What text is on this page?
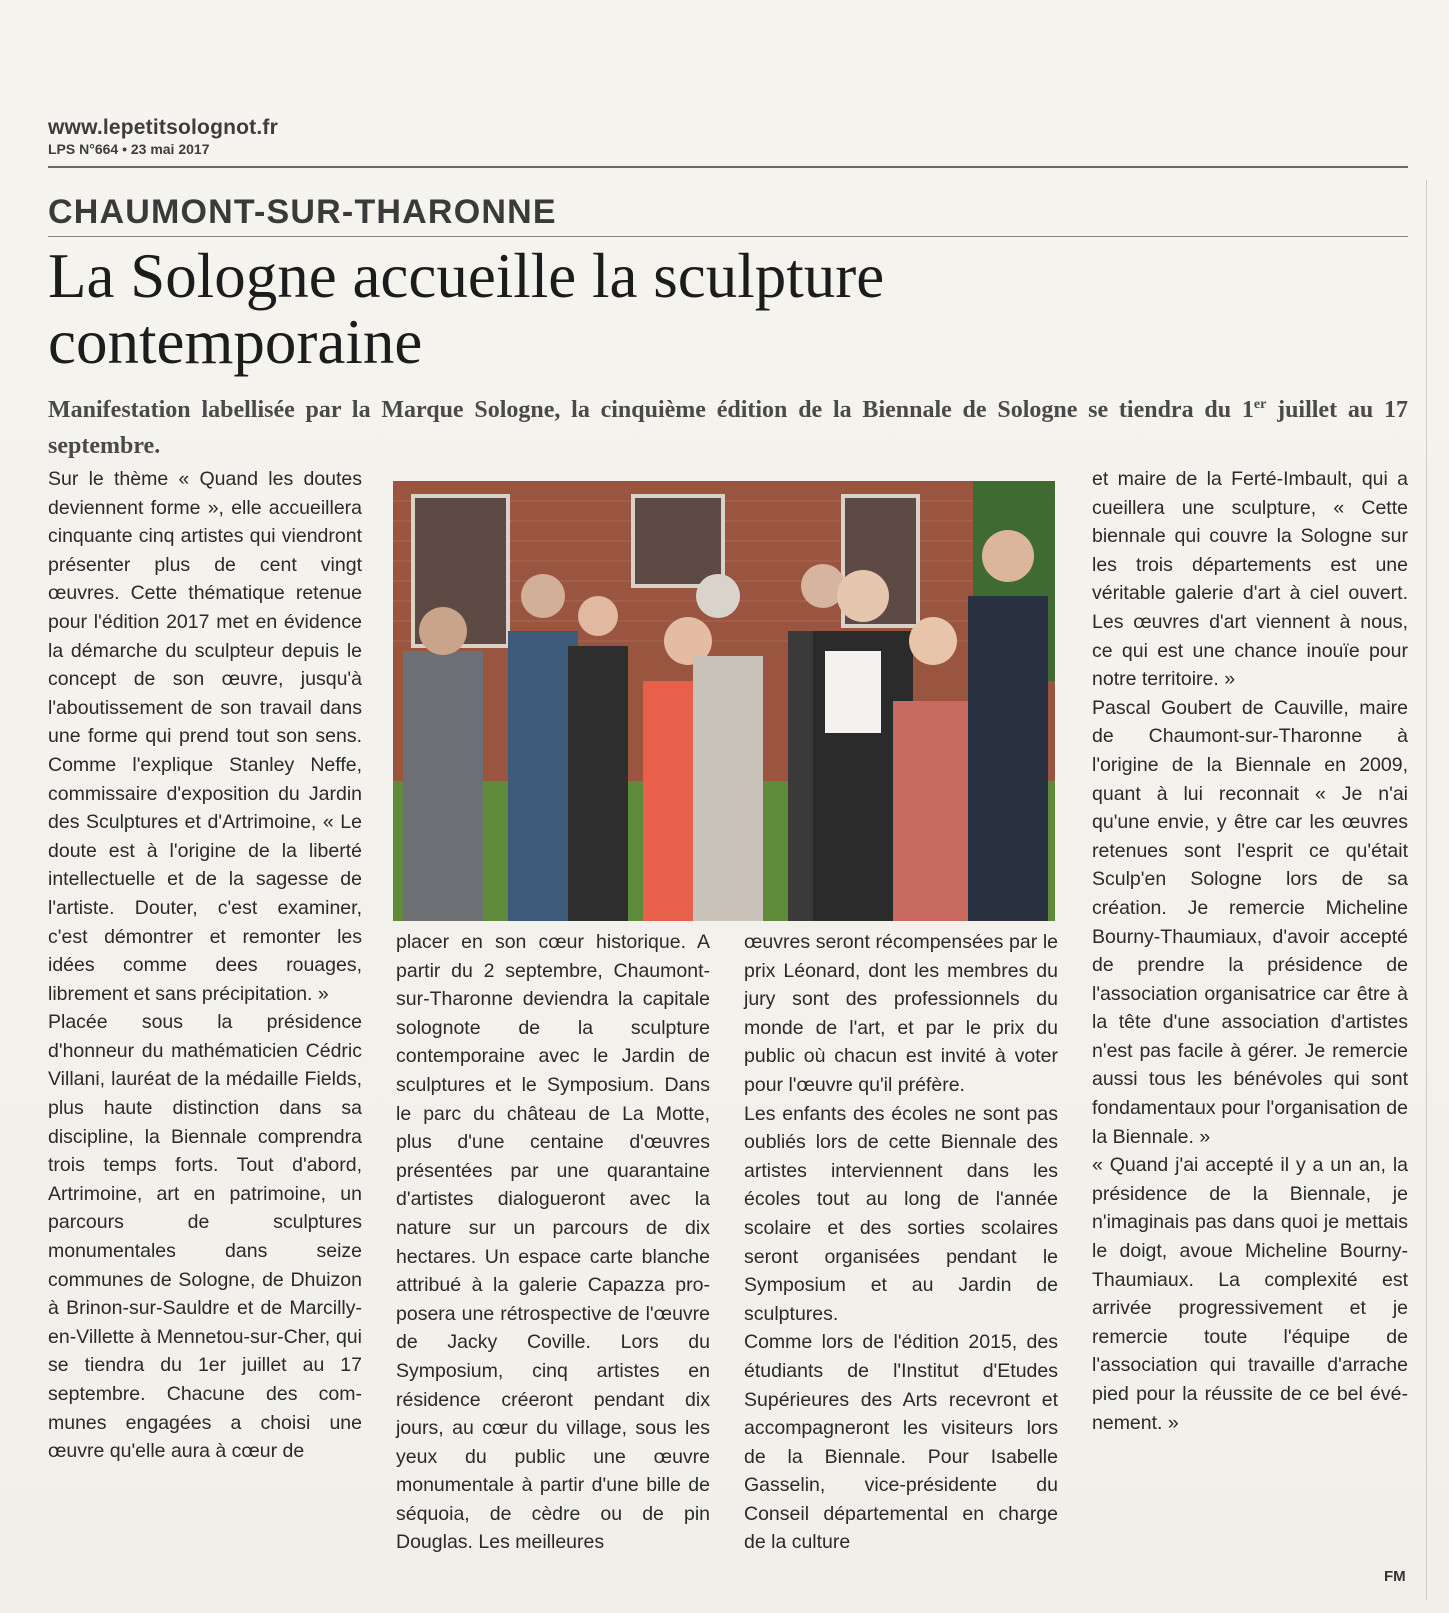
www.lepetitsolognot.fr
LPS N°664 • 23 mai 2017
CHAUMONT-SUR-THARONNE
La Sologne accueille la sculpture
contemporaine
Manifestation labellisée par la Marque Sologne, la cinquième édition de la Biennale de Sologne se tiendra du 1er juillet au 17 septembre.

Sur le thème « Quand les doutes deviennent forme », elle accueillera cinquante cinq artistes qui viendront présenter plus de cent vingt œuvres. Cette thématique retenue pour l'édition 2017 met en évidence la démarche du sculpteur depuis le concept de son œuvre, jusqu'à l'aboutissement de son travail dans une forme qui prend tout son sens. Comme l'explique Stanley Neffe, commissaire d'exposition du Jardin des Sculptures et d'Artrimoine, « Le doute est à l'origine de la liberté intellectuelle et de la sagesse de l'artiste. Douter, c'est examiner, c'est démontrer et remonter les idées comme dees rouages, librement et sans précipitation. »

Placée sous la présidence d'honneur du mathématicien Cédric Villani, lauréat de la médaille Fields, plus haute distinction dans sa discipline, la Biennale comprendra trois temps forts. Tout d'abord, Artrimoine, art en patrimoine, un parcours de sculptures monumentales dans seize communes de Sologne, de Dhuizon à Brinon-sur-Sauldre et de Marcilly-en-Villette à Mennetou-sur-Cher, qui se tiendra du 1er juillet au 17 septembre. Chacune des communes engagées a choisi une œuvre qu'elle aura à cœur de

placer en son cœur historique. A partir du 2 septembre, Chaumont-sur-Tharonne deviendra la capitale solognote de la sculpture contemporaine avec le Jardin de sculptures et le Symposium. Dans le parc du château de La Motte, plus d'une centaine d'œuvres présentées par une quarantaine d'artistes dialogueront avec la nature sur un parcours de dix hectares. Un espace carte blanche attribué à la galerie Capazza proposera une rétrospective de l'œuvre de Jacky Coville. Lors du Symposium, cinq artistes en résidence créeront pendant dix jours, au cœur du village, sous les yeux du public une œuvre monumentale à partir d'une bille de séquoia, de cèdre ou de pin Douglas. Les meilleures

œuvres seront récompensées par le prix Léonard, dont les membres du jury sont des professionnels du monde de l'art, et par le prix du public où chacun est invité à voter pour l'œuvre qu'il préfère.

Les enfants des écoles ne sont pas oubliés lors de cette Biennale des artistes interviennent dans les écoles tout au long de l'année scolaire et des sorties scolaires seront organisées pendant le Symposium et au Jardin de sculptures.

Comme lors de l'édition 2015, des étudiants de l'Institut d'Etudes Supérieures des Arts recevront et accompagneront les visiteurs lors de la Biennale. Pour Isabelle Gasselin, vice-présidente du Conseil départemental en charge de la culture

et maire de la Ferté-Imbault, qui a cueillera une sculpture, « Cette biennale qui couvre la Sologne sur les trois départements est une véritable galerie d'art à ciel ouvert. Les œuvres d'art viennent à nous, ce qui est une chance inouïe pour notre territoire. »

Pascal Goubert de Cauville, maire de Chaumont-sur-Tharonne à l'origine de la Biennale en 2009, quant à lui reconnait « Je n'ai qu'une envie, y être car les œuvres retenues sont l'esprit ce qu'était Sculp'en Sologne lors de sa création. Je remercie Micheline Bourny-Thaumiaux, d'avoir accepté de prendre la présidence de l'association organisatrice car être à la tête d'une association d'artistes n'est pas facile à gérer. Je remercie aussi tous les bénévoles qui sont fondamentaux pour l'organisation de la Biennale. »

« Quand j'ai accepté il y a un an, la présidence de la Biennale, je n'imaginais pas dans quoi je mettais le doigt, avoue Micheline Bourny-Thaumiaux. La complexité est arrivée progressivement et je remercie toute l'équipe de l'association qui travaille d'arrache pied pour la réussite de ce bel événement. »

FM
